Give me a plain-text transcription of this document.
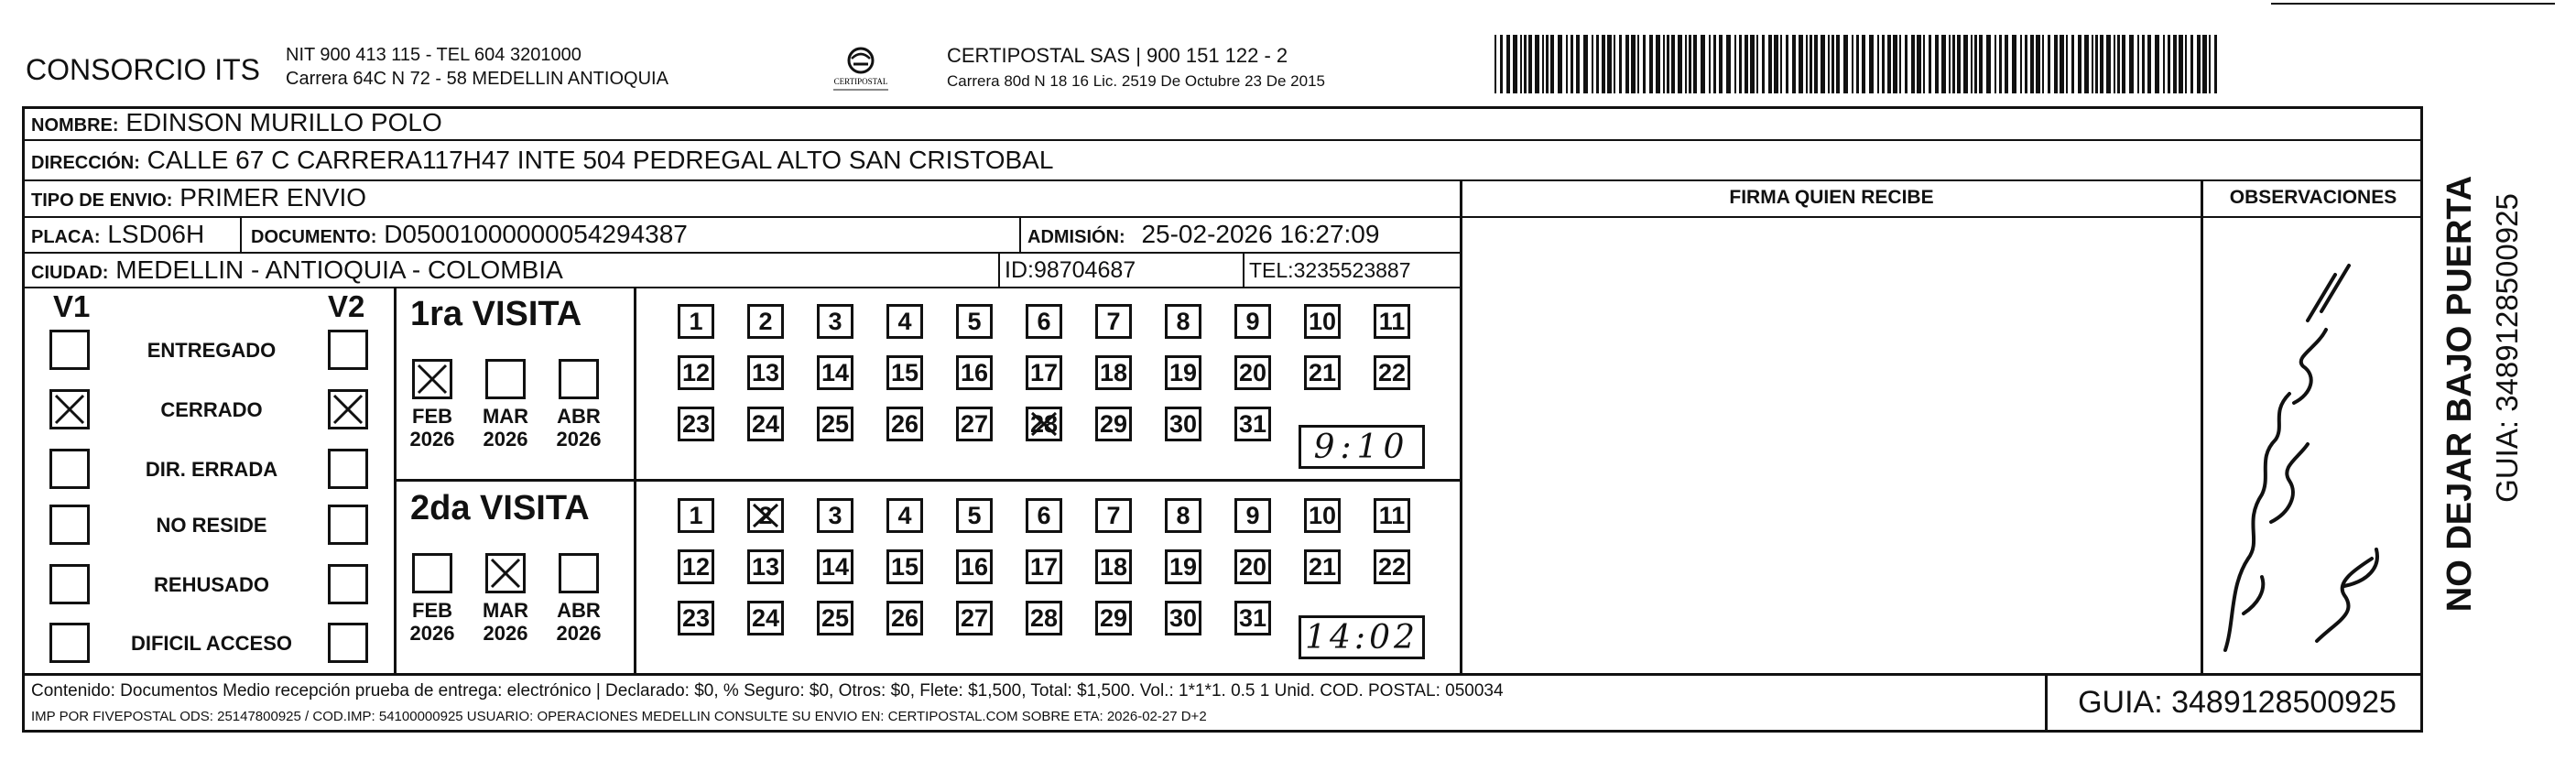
CONSORCIO ITS NIT 900 413 115 - TEL 604 3201000
Carrera 64C N 72 - 58 MEDELLIN ANTIOQUIA	CERTIPOSTAL
CERTIPOSTAL SAS | 900 151 122 - 2
Carrera 80d N 18 16 Lic. 2519 De Octubre 23 De 2015
NOMBRE: EDINSON MURILLO POLO
DIRECCIÓN: CALLE 67 C CARRERA117H47 INTE 504 PEDREGAL ALTO SAN CRISTOBAL
TIPO DE ENVIO: PRIMER ENVIO
PLACA: LSD06H	DOCUMENTO: D05001000000054294387	ADMISIÓN: 25-02-2026 16:27:09
CIUDAD: MEDELLIN - ANTIOQUIA - COLOMBIA	ID:98704687	TEL:3235523887
FIRMA QUIEN RECIBE	OBSERVACIONES
V1	V2 1ra VISITA
9:10
2da VISITA
14:02
NO DEJAR BAJO PUERTA GUIA: 3489128500925
Contenido: Documentos Medio recepción prueba de entrega: electrónico | Declarado: $0, % Seguro: $0, Otros: $0, Flete: $1,500, Total: $1,500. Vol.: 1*1*1. 0.5 1 Unid. COD. POSTAL: 050034
IMP POR FIVEPOSTAL ODS: 25147800925 / COD.IMP: 54100000925 USUARIO: OPERACIONES MEDELLIN CONSULTE SU ENVIO EN: CERTIPOSTAL.COM SOBRE ETA: 2026-02-27 D+2	GUIA: 3489128500925
ENTREGADO
CERRADO
DIR. ERRADA
NO RESIDE
REHUSADO
DIFICIL ACCESO
FEB
2026
MAR
2026
ABR
2026
FEB
2026
MAR
2026
ABR
2026
1	2	3	4	5	6	7	8	9	10 11
12 13 14 15 16 17 18 19 20 21 22
23 24 25 26 27 28 29 30 31
1	2	3	4	5	6	7	8	9	10 11
12 13 14 15 16 17 18 19 20 21 22
23 24 25 26 27 28 29 30 31
